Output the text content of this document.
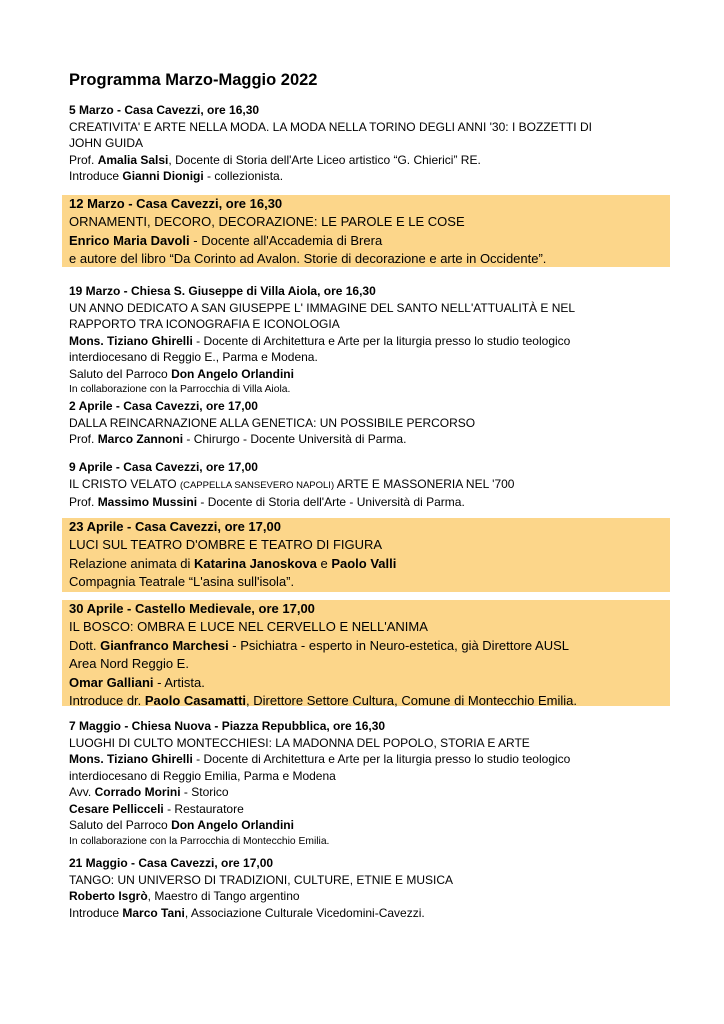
Programma Marzo-Maggio 2022
5 Marzo - Casa Cavezzi, ore 16,30
CREATIVITA' E ARTE NELLA MODA. LA MODA NELLA TORINO DEGLI ANNI '30: I BOZZETTI DI
JOHN GUIDA
Prof. Amalia Salsi, Docente di Storia dell'Arte Liceo artistico “G. Chierici” RE.
Introduce Gianni Dionigi - collezionista.
12 Marzo - Casa Cavezzi, ore 16,30
ORNAMENTI, DECORO, DECORAZIONE: LE PAROLE E LE COSE
Enrico Maria Davoli - Docente all'Accademia di Brera
e autore del libro “Da Corinto ad Avalon. Storie di decorazione e arte in Occidente”.
19 Marzo - Chiesa S. Giuseppe di Villa Aiola, ore 16,30
UN ANNO DEDICATO A SAN GIUSEPPE L' IMMAGINE DEL SANTO NELL'ATTUALITÀ E NEL
RAPPORTO TRA ICONOGRAFIA E ICONOLOGIA
Mons. Tiziano Ghirelli - Docente di Architettura e Arte per la liturgia presso lo studio teologico
interdiocesano di Reggio E., Parma e Modena.
Saluto del Parroco Don Angelo Orlandini
In collaborazione con la Parrocchia di Villa Aiola.
2 Aprile - Casa Cavezzi, ore 17,00
DALLA REINCARNAZIONE ALLA GENETICA: UN POSSIBILE PERCORSO
Prof. Marco Zannoni - Chirurgo - Docente Università di Parma.
9 Aprile - Casa Cavezzi, ore 17,00
IL CRISTO VELATO (CAPPELLA SANSEVERO NAPOLI) ARTE E MASSONERIA NEL '700
Prof. Massimo Mussini - Docente di Storia dell'Arte - Università di Parma.
23 Aprile - Casa Cavezzi, ore 17,00
LUCI SUL TEATRO D'OMBRE E TEATRO DI FIGURA
Relazione animata di Katarina Janoskova e Paolo Valli
Compagnia Teatrale “L'asina sull'isola”.
30 Aprile - Castello Medievale, ore 17,00
IL BOSCO: OMBRA E LUCE NEL CERVELLO E NELL'ANIMA
Dott. Gianfranco Marchesi - Psichiatra - esperto in Neuro-estetica, già Direttore AUSL
Area Nord Reggio E.
Omar Galliani - Artista.
Introduce dr. Paolo Casamatti, Direttore Settore Cultura, Comune di Montecchio Emilia.
7 Maggio - Chiesa Nuova - Piazza Repubblica, ore 16,30
LUOGHI DI CULTO MONTECCHIESI: LA MADONNA DEL POPOLO, STORIA E ARTE
Mons. Tiziano Ghirelli - Docente di Architettura e Arte per la liturgia presso lo studio teologico
interdiocesano di Reggio Emilia, Parma e Modena
Avv. Corrado Morini - Storico
Cesare Pellicceli - Restauratore
Saluto del Parroco Don Angelo Orlandini
In collaborazione con la Parrocchia di Montecchio Emilia.
21 Maggio - Casa Cavezzi, ore 17,00
TANGO: UN UNIVERSO DI TRADIZIONI, CULTURE, ETNIE E MUSICA
Roberto Isgrò, Maestro di Tango argentino
Introduce Marco Tani, Associazione Culturale Vicedomini-Cavezzi.
